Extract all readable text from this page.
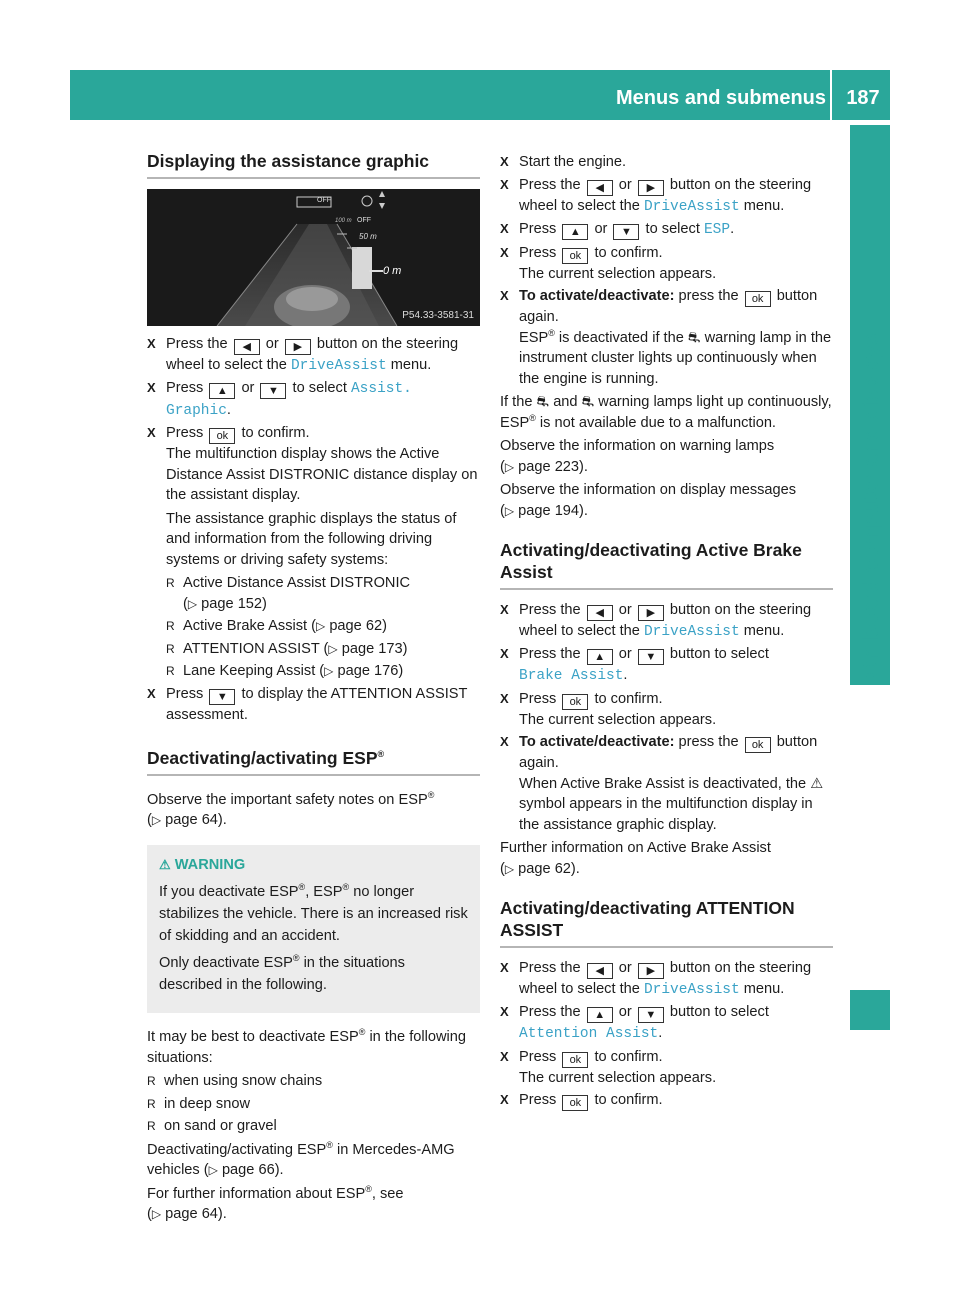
Menus and submenus	187
On-board computer and displays
Displaying the assistance graphic
OFF
OFF
100 m
50 m
0 m
P54.33-3581-31
X Press the ◀ or ▶ button on the steering wheel to select the DriveAssist menu.
X Press ▲ or ▼ to select Assist.
Graphic.
X Press ok to confirm.
The multifunction display shows the Active Distance Assist DISTRONIC distance display on the assistant display.

The assistance graphic displays the status of and information from the following driving systems or driving safety systems:

R Active Distance Assist DISTRONIC
(▷ page 152)
R Active Brake Assist (▷ page 62)
R ATTENTION ASSIST (▷ page 173)
R Lane Keeping Assist (▷ page 176)
X Press ▼ to display the ATTENTION ASSIST assessment.
Deactivating/activating ESP®

Observe the important safety notes on ESP®
(▷ page 64).

⚠ WARNING

If you deactivate ESP®, ESP® no longer stabilizes the vehicle. There is an increased risk of skidding and an accident.

Only deactivate ESP® in the situations described in the following.

It may be best to deactivate ESP® in the following situations:

R when using snow chains
R in deep snow
R on sand or gravel

Deactivating/activating ESP® in Mercedes-AMG vehicles (▷ page 66).

For further information about ESP®, see
(▷ page 64).

X Start the engine.
X Press the ◀ or ▶ button on the steering wheel to select the DriveAssist menu.
X Press ▲ or ▼ to select ESP.
X Press ok to confirm.
The current selection appears.
X To activate/deactivate: press the ok button again.
ESP® is deactivated if the ⛐ warning lamp in the instrument cluster lights up continuously when the engine is running.

If the ⛐ and ⛐ warning lamps light up continuously, ESP® is not available due to a malfunction.

Observe the information on warning lamps
(▷ page 223).

Observe the information on display messages
(▷ page 194).

Activating/deactivating Active Brake Assist
X Press the ◀ or ▶ button on the steering wheel to select the DriveAssist menu.
X Press the ▲ or ▼ button to select
Brake Assist.
X Press ok to confirm.
The current selection appears.
X To activate/deactivate: press the ok button again.
When Active Brake Assist is deactivated, the ⚠ symbol appears in the multifunction display in the assistance graphic display.

Further information on Active Brake Assist
(▷ page 62).

Activating/deactivating ATTENTION ASSIST
X Press the ◀ or ▶ button on the steering wheel to select the DriveAssist menu.
X Press the ▲ or ▼ button to select
Attention Assist.
X Press ok to confirm.
The current selection appears.
X Press ok to confirm.
